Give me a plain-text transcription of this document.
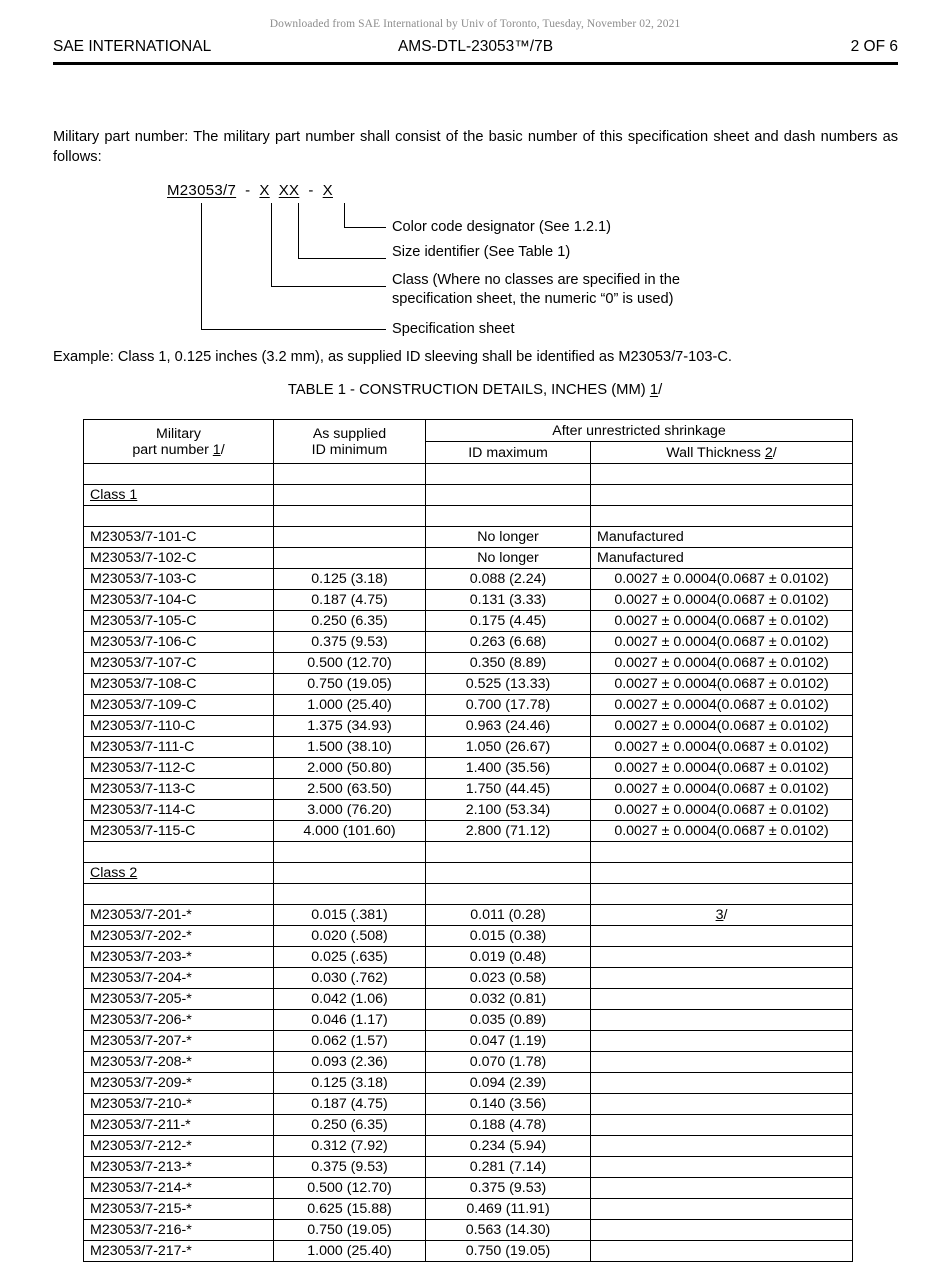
Downloaded from SAE International by Univ of Toronto, Tuesday, November 02, 2021
SAE INTERNATIONAL	AMS-DTL-23053™/7B	2 OF 6
Military part number: The military part number shall consist of the basic number of this specification sheet and dash numbers as follows:
M23053/7 - X XX - X
Color code designator (See 1.2.1)
Size identifier (See Table 1)
Class (Where no classes are specified in the
specification sheet, the numeric “0” is used)
Specification sheet
Example: Class 1, 0.125 inches (3.2 mm), as supplied ID sleeving shall be identified as M23053/7-103-C.
TABLE 1 - CONSTRUCTION DETAILS, INCHES (MM) 1/
Military
part number 1/

As supplied
ID minimum
	After unrestricted shrinkage
		ID maximum	Wall Thickness 2/

Class 1			

M23053/7-101-C		No longer	Manufactured
M23053/7-102-C		No longer	Manufactured
M23053/7-103-C	0.125 (3.18)	0.088 (2.24)	0.0027 ± 0.0004(0.0687 ± 0.0102)
M23053/7-104-C	0.187 (4.75)	0.131 (3.33)	0.0027 ± 0.0004(0.0687 ± 0.0102)
M23053/7-105-C	0.250 (6.35)	0.175 (4.45)	0.0027 ± 0.0004(0.0687 ± 0.0102)
M23053/7-106-C	0.375 (9.53)	0.263 (6.68)	0.0027 ± 0.0004(0.0687 ± 0.0102)
M23053/7-107-C	0.500 (12.70)	0.350 (8.89)	0.0027 ± 0.0004(0.0687 ± 0.0102)
M23053/7-108-C	0.750 (19.05)	0.525 (13.33)	0.0027 ± 0.0004(0.0687 ± 0.0102)
M23053/7-109-C	1.000 (25.40)	0.700 (17.78)	0.0027 ± 0.0004(0.0687 ± 0.0102)
M23053/7-110-C	1.375 (34.93)	0.963 (24.46)	0.0027 ± 0.0004(0.0687 ± 0.0102)
M23053/7-111-C	1.500 (38.10)	1.050 (26.67)	0.0027 ± 0.0004(0.0687 ± 0.0102)
M23053/7-112-C	2.000 (50.80)	1.400 (35.56)	0.0027 ± 0.0004(0.0687 ± 0.0102)
M23053/7-113-C	2.500 (63.50)	1.750 (44.45)	0.0027 ± 0.0004(0.0687 ± 0.0102)
M23053/7-114-C	3.000 (76.20)	2.100 (53.34)	0.0027 ± 0.0004(0.0687 ± 0.0102)
M23053/7-115-C	4.000 (101.60)	2.800 (71.12)	0.0027 ± 0.0004(0.0687 ± 0.0102)

Class 2			

M23053/7-201-*	0.015 (.381)	0.011 (0.28)	3/
M23053/7-202-*	0.020 (.508)	0.015 (0.38)	
M23053/7-203-*	0.025 (.635)	0.019 (0.48)	
M23053/7-204-*	0.030 (.762)	0.023 (0.58)	
M23053/7-205-*	0.042 (1.06)	0.032 (0.81)	
M23053/7-206-*	0.046 (1.17)	0.035 (0.89)	
M23053/7-207-*	0.062 (1.57)	0.047 (1.19)	
M23053/7-208-*	0.093 (2.36)	0.070 (1.78)	
M23053/7-209-*	0.125 (3.18)	0.094 (2.39)	
M23053/7-210-*	0.187 (4.75)	0.140 (3.56)	
M23053/7-211-*	0.250 (6.35)	0.188 (4.78)	
M23053/7-212-*	0.312 (7.92)	0.234 (5.94)	
M23053/7-213-*	0.375 (9.53)	0.281 (7.14)	
M23053/7-214-*	0.500 (12.70)	0.375 (9.53)	
M23053/7-215-*	0.625 (15.88)	0.469 (11.91)	
M23053/7-216-*	0.750 (19.05)	0.563 (14.30)	
M23053/7-217-*	1.000 (25.40)	0.750 (19.05)	
